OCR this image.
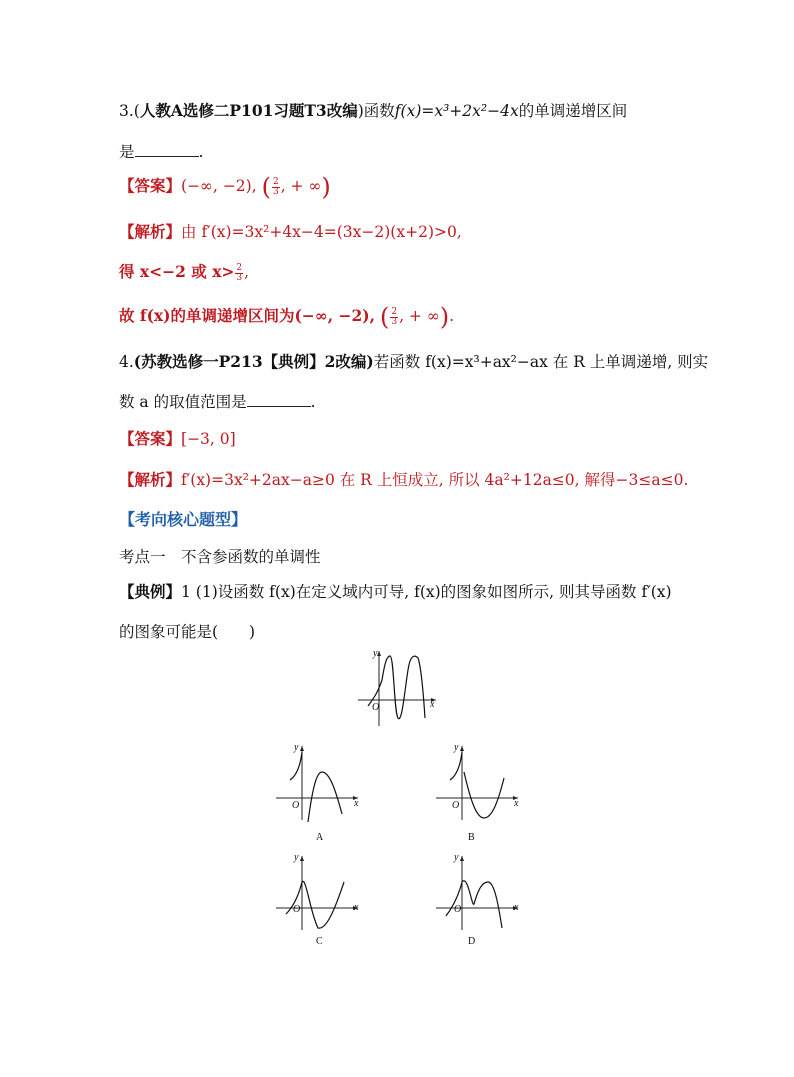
3.(人教A选修二P101习题T3改编)函数f(x)=x³+2x²−4x的单调递增区间
是	.
【答案】(−∞, −2), ( $\frac{2}{3}$ , + ∞)
【解析】由 f′(x)=3x²+4x−4=(3x−2)(x+2)>0,
得 x<−2 或 $x> \frac{2}{3}$ ,
故 f(x)的单调递增区间为(−∞, −2), ( $\frac{2}{3}$ , + ∞).
4.(苏教选修一P213【典例】2改编)若函数 f(x)=x³+ax²−ax 在 R 上单调递增, 则实
数 a 的取值范围是	.
【答案】[−3, 0]
【解析】f′(x)=3x²+2ax−a≥0 在 R 上恒成立, 所以 4a²+12a≤0, 解得−3≤a≤0.
【考向核心题型】
考点一　不含参函数的单调性
【典例】1 (1)设函数 f(x)在定义域内可导, f(x)的图象如图所示, 则其导函数 f′(x)
的图象可能是(　　)
y
x
O
y
x
O
A
y
x
O
B
y
x
O
C
y
x
O
D
